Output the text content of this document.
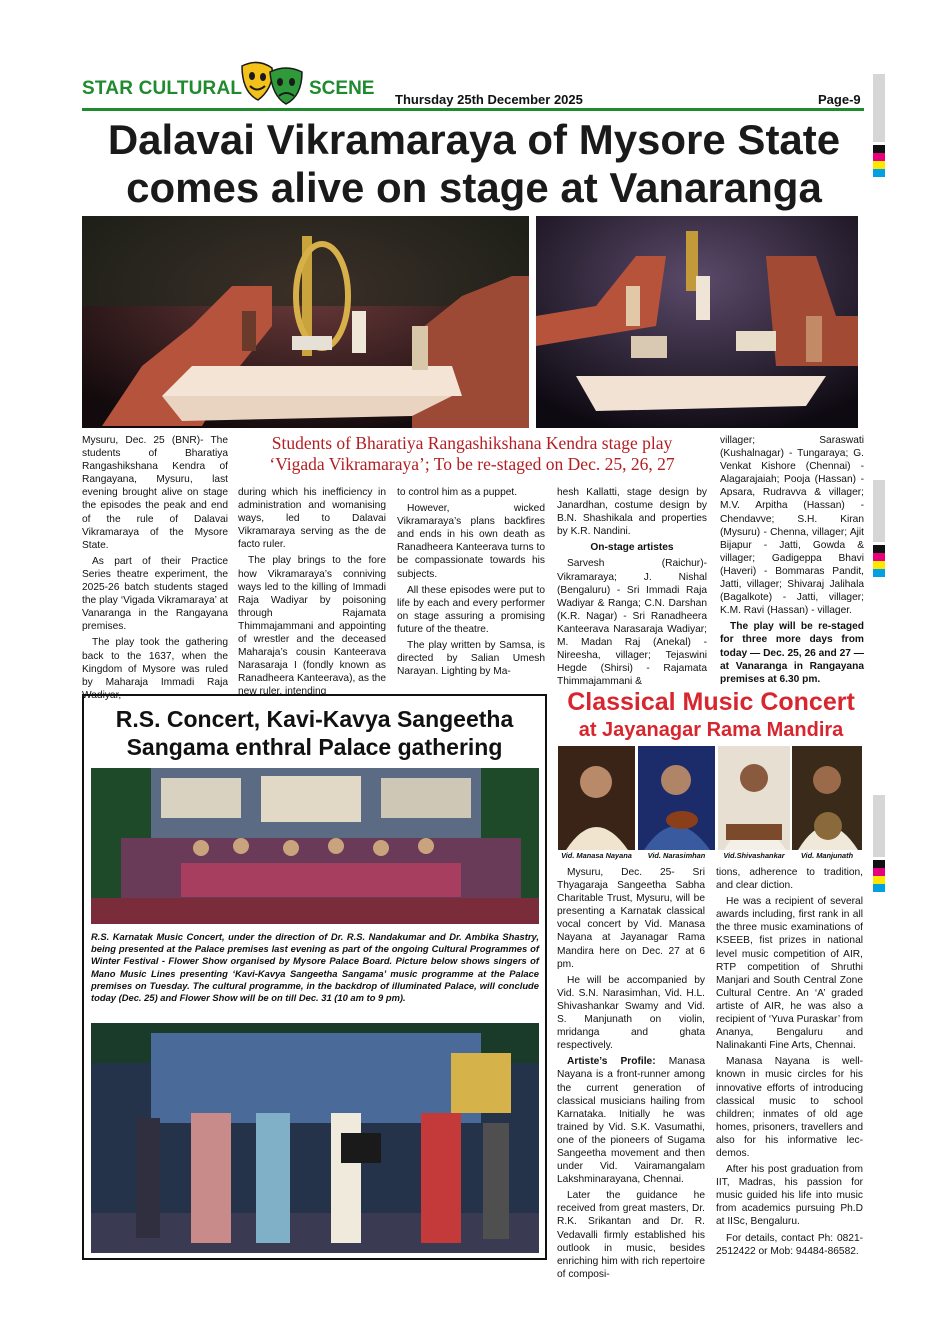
STAR CULTURAL	SCENE
Thursday 25th December 2025	Page-9
Dalavai Vikramaraya of Mysore State
comes alive on stage at Vanaranga

Mysuru, Dec. 25 (BNR)- The students of Bharatiya Rangashikshana Kendra of Rangayana, Mysuru, last evening brought alive on stage the episodes the peak and end of the rule of Dalavai Vikramaraya of the Mysore State.

As part of their Practice Series theatre experiment, the 2025-26 batch students staged the play ‘Vigada Vikramaraya’ at Vanaranga in the Rangayana premises.

The play took the gathering back to the 1637, when the Kingdom of Mysore was ruled by Maharaja Immadi Raja Wadiyar,

Students of Bharatiya Rangashikshana Kendra stage play
‘Vigada Vikramaraya’; To be re-staged on Dec. 25, 26, 27

during which his inefficiency in administration and womanising ways, led to Dalavai Vikramaraya serving as the de facto ruler.

The play brings to the fore how Vikramaraya’s conniving ways led to the killing of Immadi Raja Wadiyar by poisoning through Rajamata Thimmajammani and appointing of wrestler and the deceased Maharaja’s cousin Kanteerava Narasaraja I (fondly known as Ranadheera Kanteerava), as the new ruler, intending

to control him as a puppet.

However, wicked Vikramaraya’s plans backfires and ends in his own death as Ranadheera Kanteerava turns to be compassionate towards his subjects.

All these episodes were put to life by each and every performer on stage assuring a promising future of the theatre.

The play written by Samsa, is directed by Salian Umesh Narayan. Lighting by Ma-

hesh Kallatti, stage design by Janardhan, costume design by B.N. Shashikala and properties by K.R. Nandini.

On-stage artistes

Sarvesh (Raichur)- Vikramaraya; J. Nishal (Bengaluru) - Sri Immadi Raja Wadiyar & Ranga; C.N. Darshan (K.R. Nagar) - Sri Ranadheera Kanteerava Narasaraja Wadiyar; M. Madan Raj (Anekal) - Nireesha, villager; Tejaswini Hegde (Shirsi) - Rajamata Thimmajammani &

villager; Saraswati (Kushalnagar) - Tungaraya; G. Venkat Kishore (Chennai) - Alagarajaiah; Pooja (Hassan) - Apsara, Rudravva & villager; M.V. Arpitha (Hassan) - Chendavve; S.H. Kiran (Mysuru) - Chenna, villager; Ajit Bijapur - Jatti, Gowda & villager; Gadigeppa Bhavi (Haveri) - Bommaras Pandit, Jatti, villager; Shivaraj Jalihala (Bagalkote) - Jatti, villager; K.M. Ravi (Hassan) - villager.

The play will be re-staged for three more days from today — Dec. 25, 26 and 27 — at Vanaranga in Rangayana premises at 6.30 pm.

R.S. Concert, Kavi-Kavya Sangeetha
Sangama enthral Palace gathering
R.S. Karnatak Music Concert, under the direction of Dr. R.S. Nandakumar and Dr. Ambika Shastry, being presented at the Palace premises last evening as part of the ongoing Cultural Programmes of Winter Festival - Flower Show organised by Mysore Palace Board. Picture below shows singers of Mano Music Lines presenting ‘Kavi-Kavya Sangeetha Sangama’ music programme at the Palace premises on Tuesday. The cultural programme, in the backdrop of illuminated Palace, will conclude today (Dec. 25) and Flower Show will be on till Dec. 31 (10 am to 9 pm).
Classical Music Concert
at Jayanagar Rama Mandira
Vid. Manasa Nayana	Vid. Narasimhan	Vid.Shivashankar	Vid. Manjunath

Mysuru, Dec. 25- Sri Thyagaraja Sangeetha Sabha Charitable Trust, Mysuru, will be presenting a Karnatak classical vocal concert by Vid. Manasa Nayana at Jayanagar Rama Mandira here on Dec. 27 at 6 pm.

He will be accompanied by Vid. S.N. Narasimhan, Vid. H.L. Shivashankar Swamy and Vid. S. Manjunath on violin, mridanga and ghata respectively.

Artiste’s Profile: Manasa Nayana is a front-runner among the current generation of classical musicians hailing from Karnataka. Initially he was trained by Vid. S.K. Vasumathi, one of the pioneers of Sugama Sangeetha movement and then under Vid. Vairamangalam Lakshminarayana, Chennai.

Later the guidance he received from great masters, Dr. R.K. Srikantan and Dr. R. Vedavalli firmly established his outlook in music, besides enriching him with rich repertoire of composi-

tions, adherence to tradition, and clear diction.

He was a recipient of several awards including, first rank in all the three music examinations of KSEEB, fist prizes in national level music competition of AIR, RTP competition of Shruthi Manjari and South Central Zone Cultural Centre. An ‘A’ graded artiste of AIR, he was also a recipient of ‘Yuva Puraskar’ from Ananya, Bengaluru and Nalinakanti Fine Arts, Chennai.

Manasa Nayana is well-known in music circles for his innovative efforts of introducing classical music to school children; inmates of old age homes, prisoners, travellers and also for his informative lec-demos.

After his post graduation from IIT, Madras, his passion for music guided his life into music from academics pursuing Ph.D at IISc, Bengaluru.

For details, contact Ph: 0821-2512422 or Mob: 94484-86582.
